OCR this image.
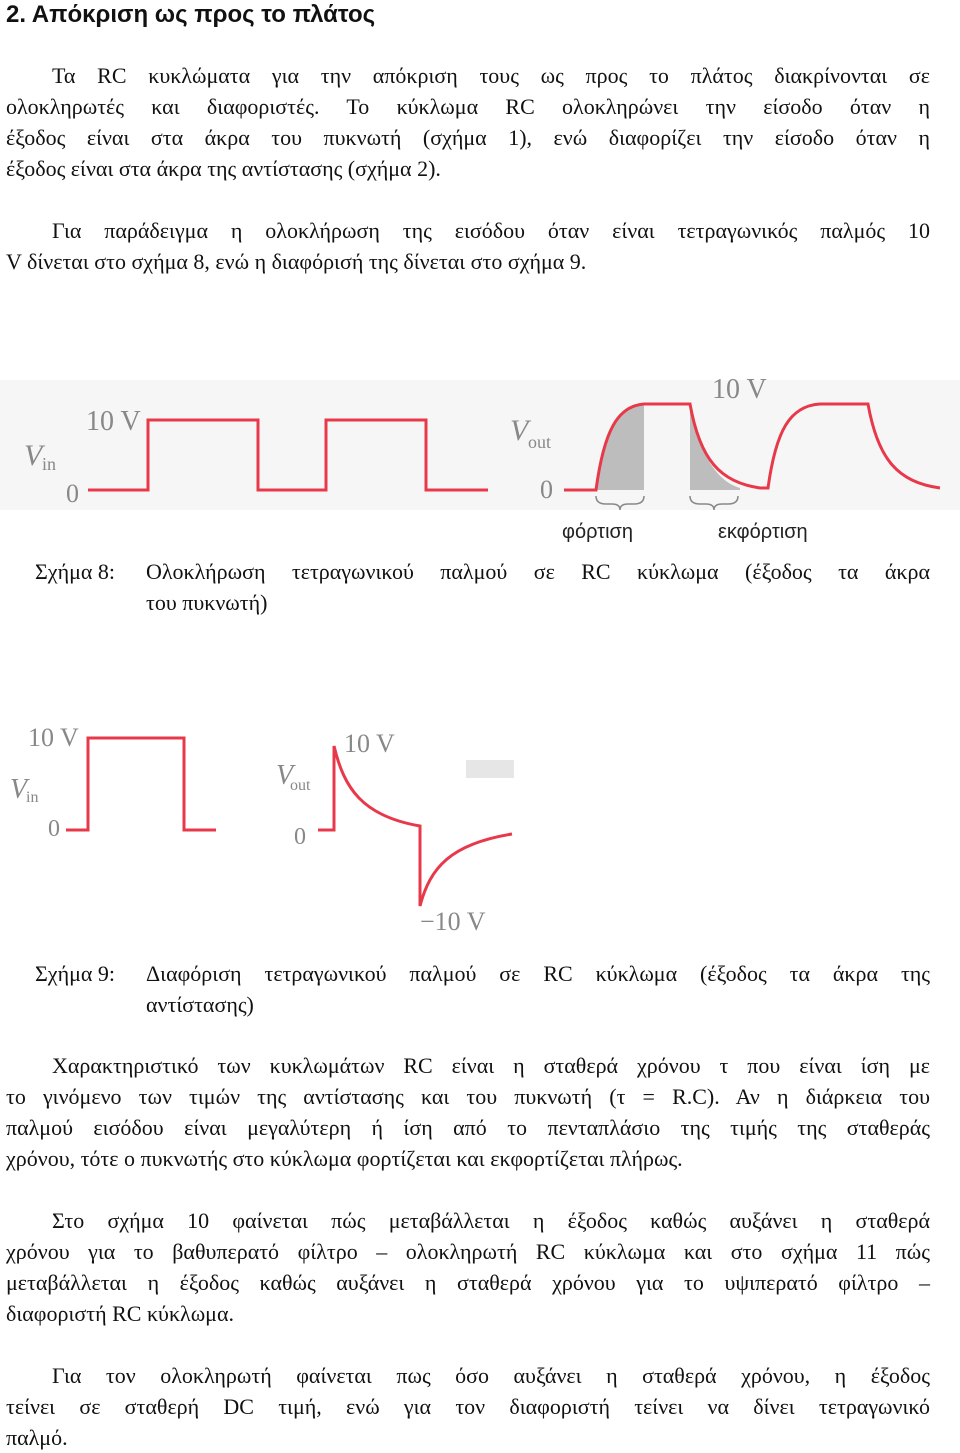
2. Απόκριση ως προς το πλάτος
Τα RC κυκλώματα για την απόκριση τους ως προς το πλάτος διακρίνονται σε
ολοκληρωτές και διαφοριστές. Το κύκλωμα RC ολοκληρώνει την είσοδο όταν η
έξοδος είναι στα άκρα του πυκνωτή (σχήμα 1), ενώ διαφορίζει την είσοδο όταν η
έξοδος είναι στα άκρα της αντίστασης (σχήμα 2).
Για παράδειγμα η ολοκλήρωση της εισόδου όταν είναι τετραγωνικός παλμός 10
V δίνεται στο σχήμα 8, ενώ η διαφόρισή της δίνεται στο σχήμα 9.
V in
10 V
0
V out
10 V
0
φόρτιση	εκφόρτιση
Σχήμα 8: Ολοκλήρωση τετραγωνικού παλμού σε RC κύκλωμα (έξοδος τα άκρα
του πυκνωτή)
V
in
10 V
0
V
out
10 V
0
−10 V
Σχήμα 9: Διαφόριση τετραγωνικού παλμού σε RC κύκλωμα (έξοδος τα άκρα της
αντίστασης)
Χαρακτηριστικό των κυκλωμάτων RC είναι η σταθερά χρόνου τ που είναι ίση με
το γινόμενο των τιμών της αντίστασης και του πυκνωτή (τ = R.C). Αν η διάρκεια του
παλμού εισόδου είναι μεγαλύτερη ή ίση από το πενταπλάσιο της τιμής της σταθεράς
χρόνου, τότε ο πυκνωτής στο κύκλωμα φορτίζεται και εκφορτίζεται πλήρως.
Στο σχήμα 10 φαίνεται πώς μεταβάλλεται η έξοδος καθώς αυξάνει η σταθερά
χρόνου για το βαθυπερατό φίλτρο – ολοκληρωτή RC κύκλωμα και στο σχήμα 11 πώς
μεταβάλλεται η έξοδος καθώς αυξάνει η σταθερά χρόνου για το υψιπερατό φίλτρο –
διαφοριστή RC κύκλωμα.
Για τον ολοκληρωτή φαίνεται πως όσο αυξάνει η σταθερά χρόνου, η έξοδος
τείνει σε σταθερή DC τιμή, ενώ για τον διαφοριστή τείνει να δίνει τετραγωνικό
παλμό.
